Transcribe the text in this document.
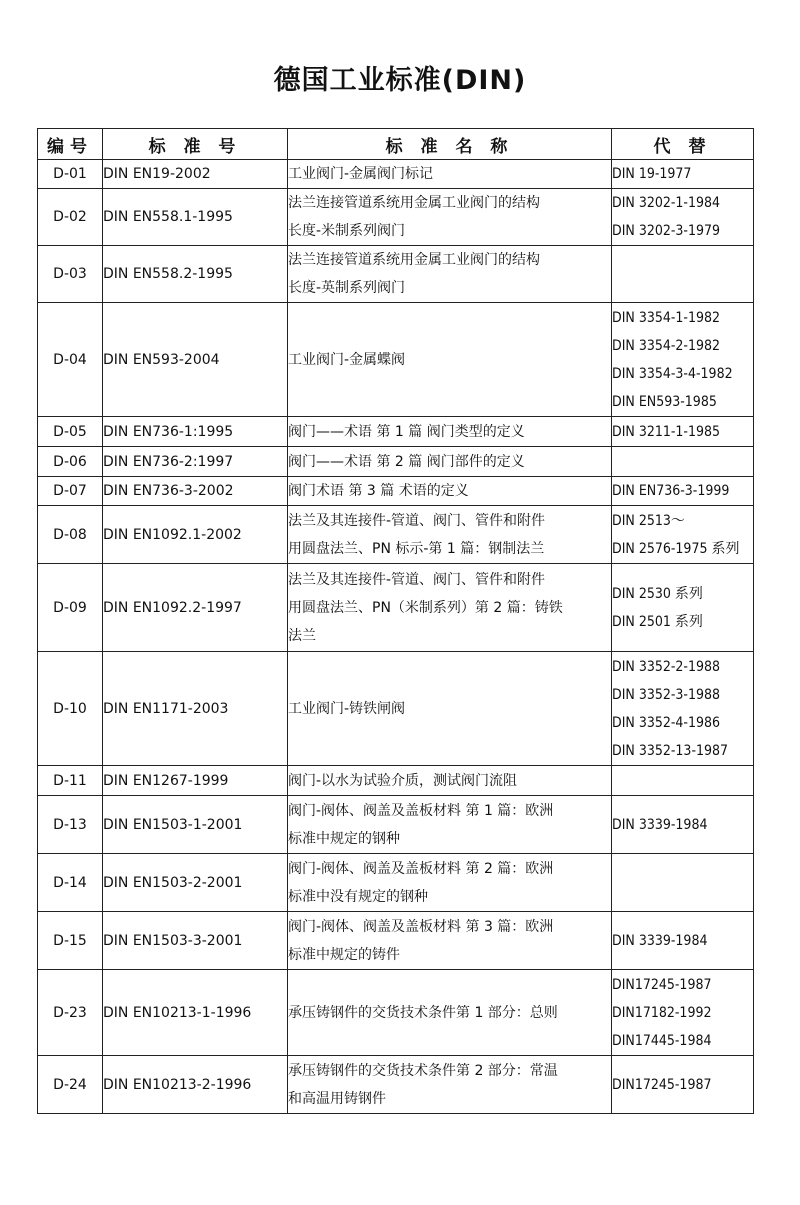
德国工业标准(DIN)
编号	标 准 号	标 准 名 称	代 替
D-01	DIN EN19-2002	工业阀门-金属阀门标记	DIN 19-1977

D-02	DIN EN558.1-1995	法兰连接管道系统用金属工业阀门的结构
长度-米制系列阀门	DIN 3202-1-1984
DIN 3202-3-1979

D-03	DIN EN558.2-1995	法兰连接管道系统用金属工业阀门的结构
长度-英制系列阀门	

D-04	DIN EN593-2004	工业阀门-金属蝶阀	DIN 3354-1-1982
DIN 3354-2-1982
DIN 3354-3-4-1982
DIN EN593-1985

D-05	DIN EN736-1:1995	阀门——术语 第 1 篇 阀门类型的定义	DIN 3211-1-1985

D-06	DIN EN736-2:1997	阀门——术语 第 2 篇 阀门部件的定义	

D-07	DIN EN736-3-2002	阀门术语 第 3 篇 术语的定义	DIN EN736-3-1999

D-08	DIN EN1092.1-2002	法兰及其连接件-管道、阀门、管件和附件
用圆盘法兰、PN 标示-第 1 篇：钢制法兰	DIN 2513～
DIN 2576-1975 系列

D-09	DIN EN1092.2-1997	法兰及其连接件-管道、阀门、管件和附件
用圆盘法兰、PN（米制系列）第 2 篇：铸铁
法兰	DIN 2530 系列
DIN 2501 系列

D-10	DIN EN1171-2003	工业阀门-铸铁闸阀	DIN 3352-2-1988
DIN 3352-3-1988
DIN 3352-4-1986
DIN 3352-13-1987

D-11	DIN EN1267-1999	阀门-以水为试验介质，测试阀门流阻	

D-13	DIN EN1503-1-2001	阀门-阀体、阀盖及盖板材料 第 1 篇：欧洲
标准中规定的钢种	DIN 3339-1984

D-14	DIN EN1503-2-2001	阀门-阀体、阀盖及盖板材料 第 2 篇：欧洲
标准中没有规定的钢种	

D-15	DIN EN1503-3-2001	阀门-阀体、阀盖及盖板材料 第 3 篇：欧洲
标准中规定的铸件	DIN 3339-1984

D-23	DIN EN10213-1-1996	承压铸钢件的交货技术条件第 1 部分：总则	DIN17245-1987
DIN17182-1992
DIN17445-1984

D-24	DIN EN10213-2-1996	承压铸钢件的交货技术条件第 2 部分：常温
和高温用铸钢件	DIN17245-1987
